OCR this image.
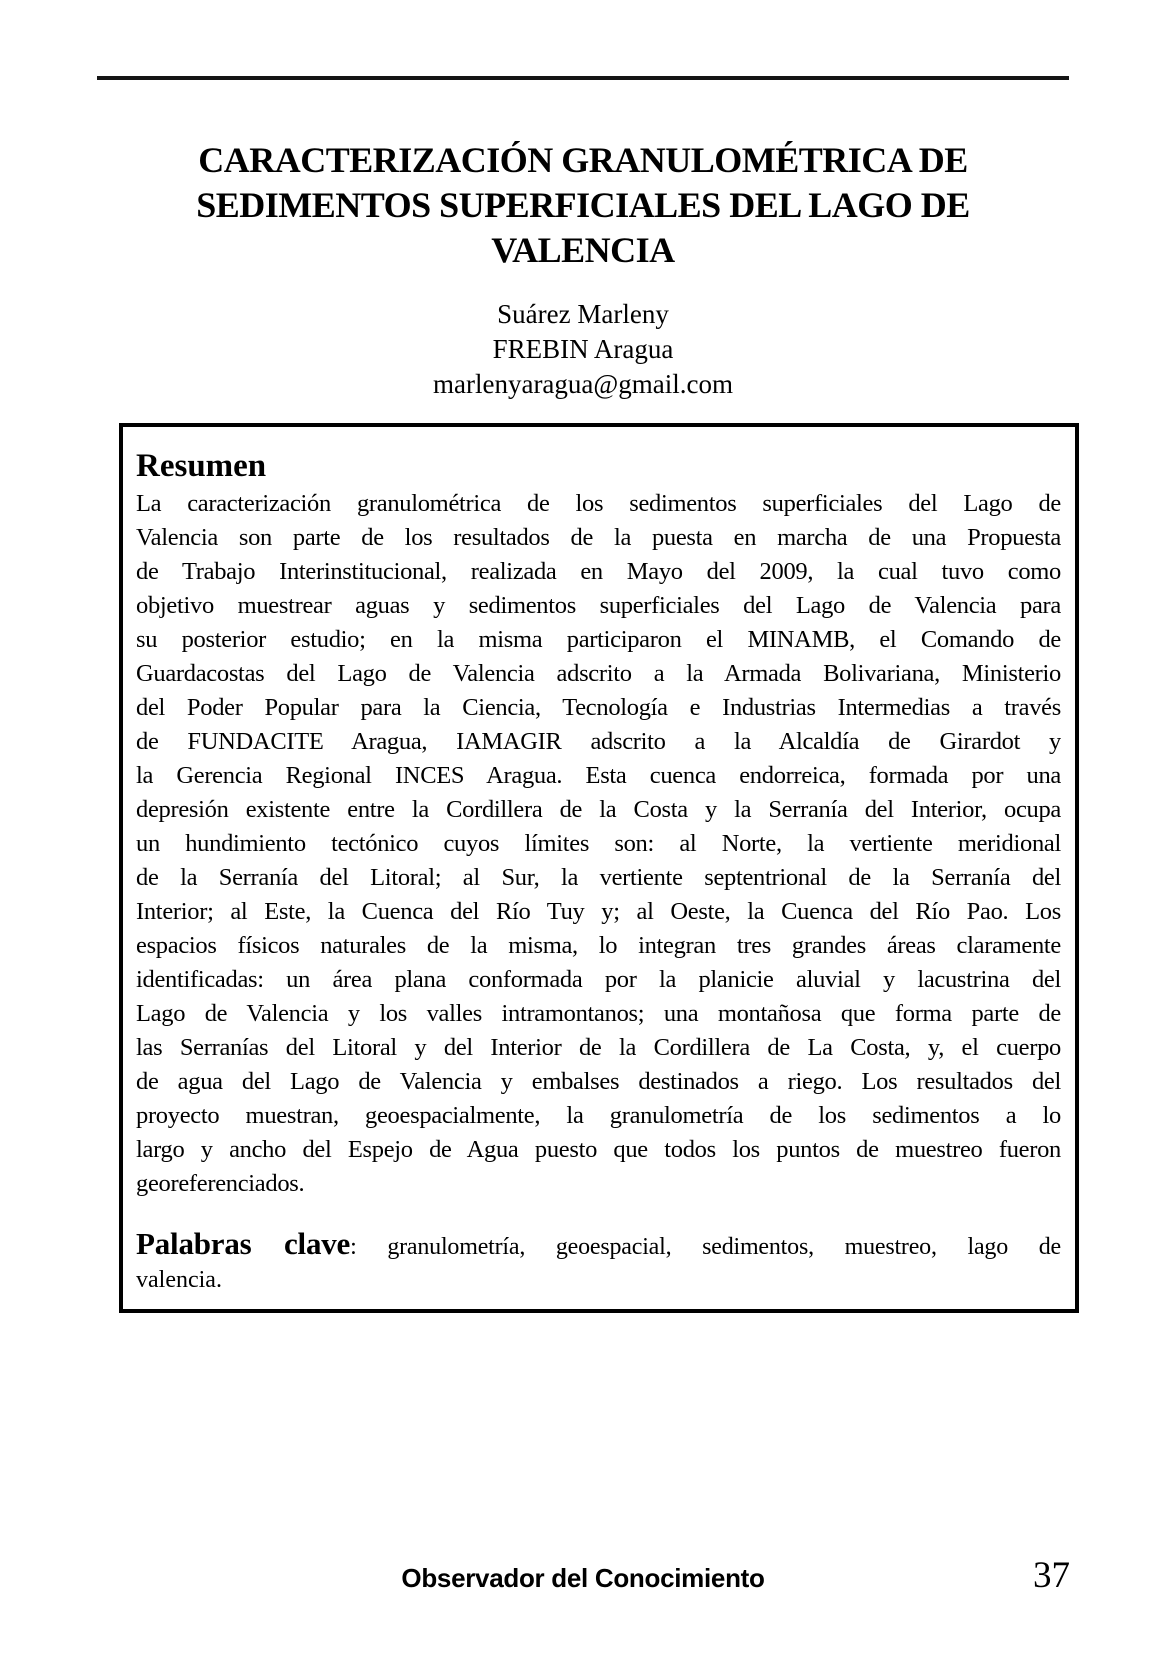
CARACTERIZACIÓN GRANULOMÉTRICA DE
SEDIMENTOS SUPERFICIALES DEL LAGO DE
VALENCIA
Suárez Marleny
FREBIN Aragua
marlenyaragua@gmail.com
Resumen
La caracterización granulométrica de los sedimentos superficiales del Lago de
Valencia son parte de los resultados de la puesta en marcha de una Propuesta
de Trabajo Interinstitucional, realizada en Mayo del 2009, la cual tuvo como
objetivo muestrear aguas y sedimentos superficiales del Lago de Valencia para
su posterior estudio; en la misma participaron el MINAMB, el Comando de
Guardacostas del Lago de Valencia adscrito a la Armada Bolivariana, Ministerio
del Poder Popular para la Ciencia, Tecnología e Industrias Intermedias a través
de FUNDACITE Aragua, IAMAGIR adscrito a la Alcaldía de Girardot y
la Gerencia Regional INCES Aragua. Esta cuenca endorreica, formada por una
depresión existente entre la Cordillera de la Costa y la Serranía del Interior, ocupa
un hundimiento tectónico cuyos límites son: al Norte, la vertiente meridional
de la Serranía del Litoral; al Sur, la vertiente septentrional de la Serranía del
Interior; al Este, la Cuenca del Río Tuy y; al Oeste, la Cuenca del Río Pao. Los
espacios físicos naturales de la misma, lo integran tres grandes áreas claramente
identificadas: un área plana conformada por la planicie aluvial y lacustrina del
Lago de Valencia y los valles intramontanos; una montañosa que forma parte de
las Serranías del Litoral y del Interior de la Cordillera de La Costa, y, el cuerpo
de agua del Lago de Valencia y embalses destinados a riego. Los resultados del
proyecto muestran, geoespacialmente, la granulometría de los sedimentos a lo
largo y ancho del Espejo de Agua puesto que todos los puntos de muestreo fueron
georeferenciados.
Palabras clave: granulometría, geoespacial, sedimentos, muestreo, lago de
valencia.
Observador del Conocimiento	37
